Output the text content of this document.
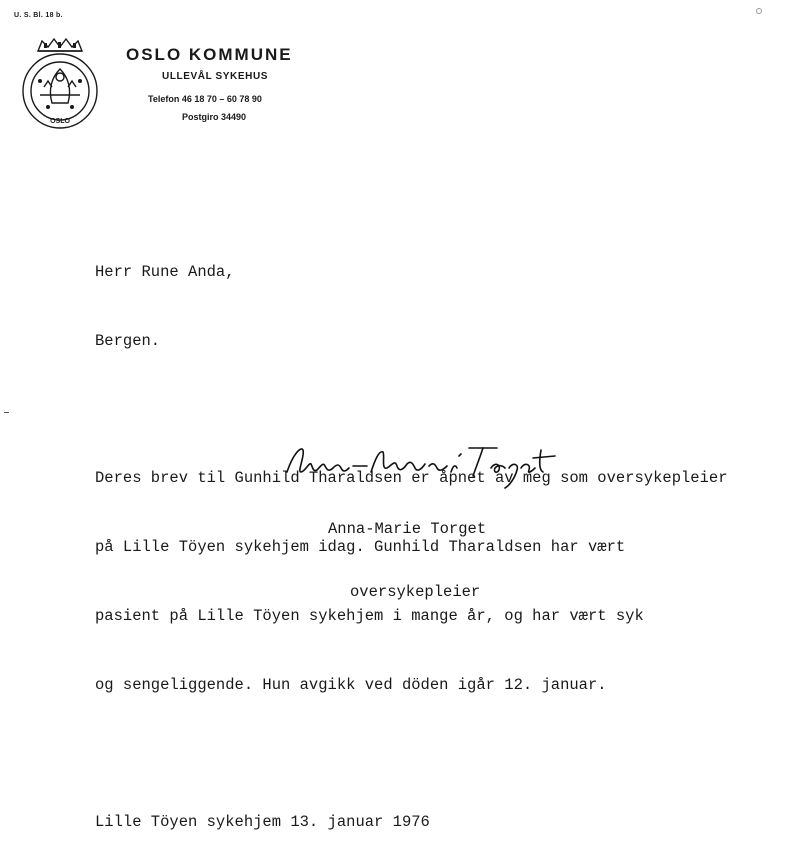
U. S. Bl. 18 b.
OSLO
OSLO KOMMUNE
ULLEVÅL SYKEHUS
Telefon 46 18 70 – 60 78 90
Postgiro 34490

Herr Rune Anda,

Bergen.

Deres brev til Gunhild Tharaldsen er åpnet av meg som oversykepleier

på Lille Töyen sykehjem idag. Gunhild Tharaldsen har vært

pasient på Lille Töyen sykehjem i mange år, og har vært syk

og sengeliggende. Hun avgikk ved döden igår 12. januar.

Lille Töyen sykehjem 13. januar 1976

Anna-Marie Torget

oversykepleier
